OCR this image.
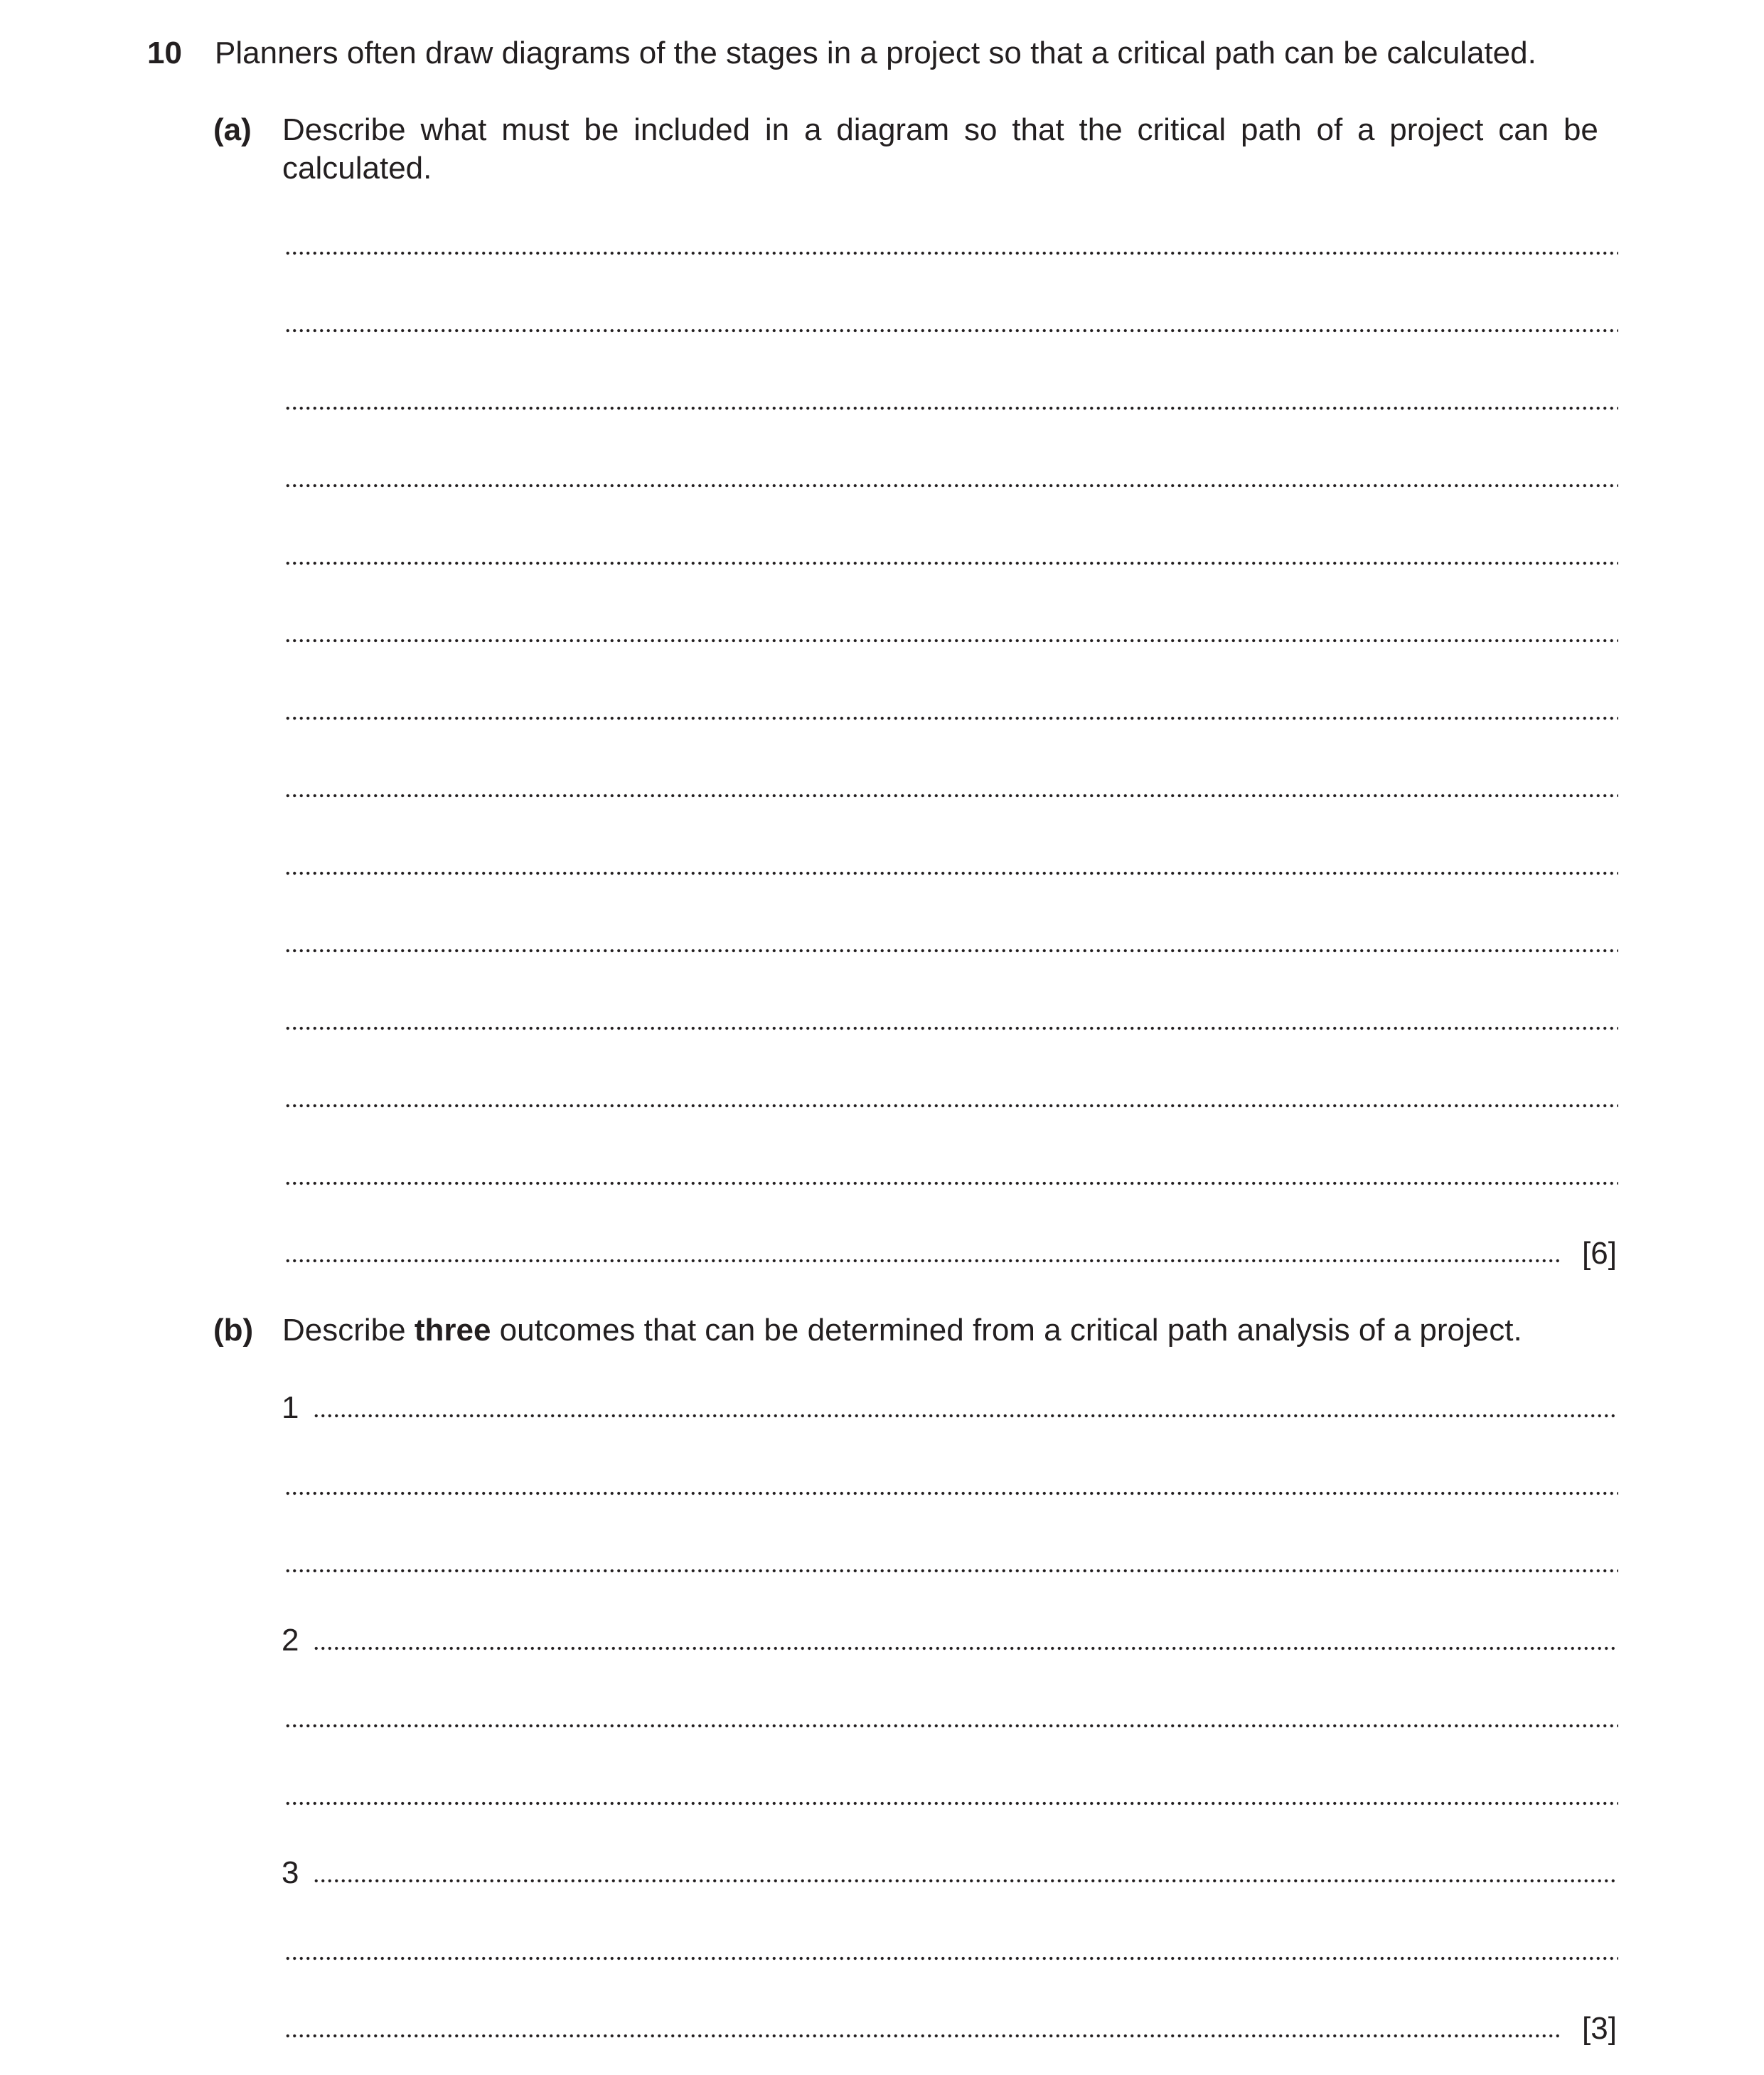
10 Planners often draw diagrams of the stages in a project so that a critical path can be calculated.
(a) Describe what must be included in a diagram so that the critical path of a project can be
calculated.
[6]
(b) Describe three outcomes that can be determined from a critical path analysis of a project.
1
2
3
[3]
